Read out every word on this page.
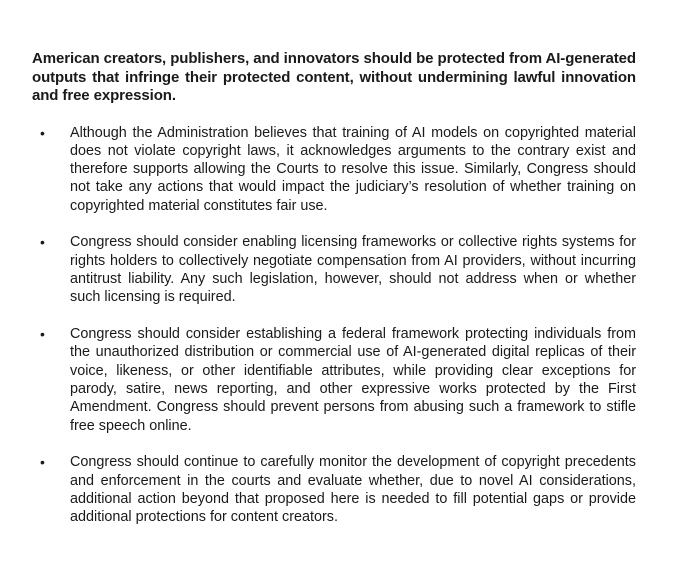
American creators, publishers, and innovators should be protected from AI-generated outputs that infringe their protected content, without undermining lawful innovation and free expression.

• Although the Administration believes that training of AI models on copyrighted material does not violate copyright laws, it acknowledges arguments to the contrary exist and therefore supports allowing the Courts to resolve this issue. Similarly, Congress should not take any actions that would impact the judiciary’s resolution of whether training on copyrighted material constitutes fair use.
• Congress should consider enabling licensing frameworks or collective rights systems for rights holders to collectively negotiate compensation from AI providers, without incurring antitrust liability. Any such legislation, however, should not address when or whether such licensing is required.
• Congress should consider establishing a federal framework protecting individuals from the unauthorized distribution or commercial use of AI-generated digital replicas of their voice, likeness, or other identifiable attributes, while providing clear exceptions for parody, satire, news reporting, and other expressive works protected by the First Amendment. Congress should prevent persons from abusing such a framework to stifle free speech online.
• Congress should continue to carefully monitor the development of copyright precedents and enforcement in the courts and evaluate whether, due to novel AI considerations, additional action beyond that proposed here is needed to fill potential gaps or provide additional protections for content creators.
